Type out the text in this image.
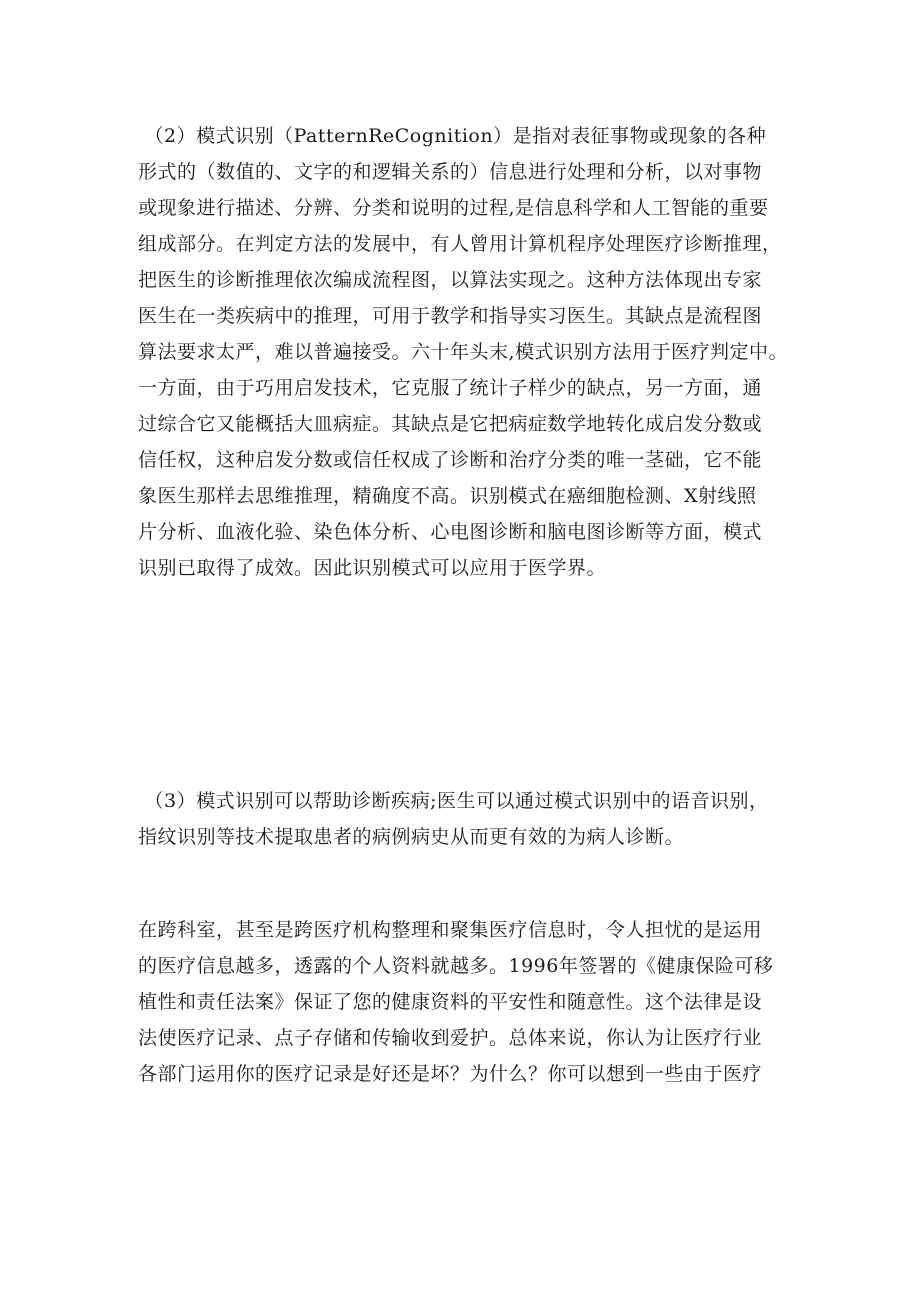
（2）模式识别（PatternReCognition）是指对表征事物或现象的各种
形式的（数值的、文字的和逻辑关系的）信息进行处理和分析，以对事物
或现象进行描述、分辨、分类和说明的过程,是信息科学和人工智能的重要
组成部分。在判定方法的发展中，有人曾用计算机程序处理医疗诊断推理，
把医生的诊断推理依次编成流程图，以算法实现之。这种方法体现出专家
医生在一类疾病中的推理，可用于教学和指导实习医生。其缺点是流程图
算法要求太严，难以普遍接受。六十年头末,模式识别方法用于医疗判定中。
一方面，由于巧用启发技术，它克服了统计子样少的缺点，另一方面，通
过综合它又能概括大皿病症。其缺点是它把病症数学地转化成启发分数或
信任权，这种启发分数或信任权成了诊断和治疗分类的唯一茎础，它不能
象医生那样去思维推理，精确度不高。识别模式在癌细胞检测、X射线照
片分析、血液化验、染色体分析、心电图诊断和脑电图诊断等方面，模式
识别已取得了成效。因此识别模式可以应用于医学界。
（3）模式识别可以帮助诊断疾病;医生可以通过模式识别中的语音识别，
指纹识别等技术提取患者的病例病史从而更有效的为病人诊断。
在跨科室，甚至是跨医疗机构整理和聚集医疗信息时，令人担忧的是运用
的医疗信息越多，透露的个人资料就越多。1996年签署的《健康保险可移
植性和责任法案》保证了您的健康资料的平安性和随意性。这个法律是设
法使医疗记录、点子存储和传输收到爱护。总体来说，你认为让医疗行业
各部门运用你的医疗记录是好还是坏？为什么？你可以想到一些由于医疗
